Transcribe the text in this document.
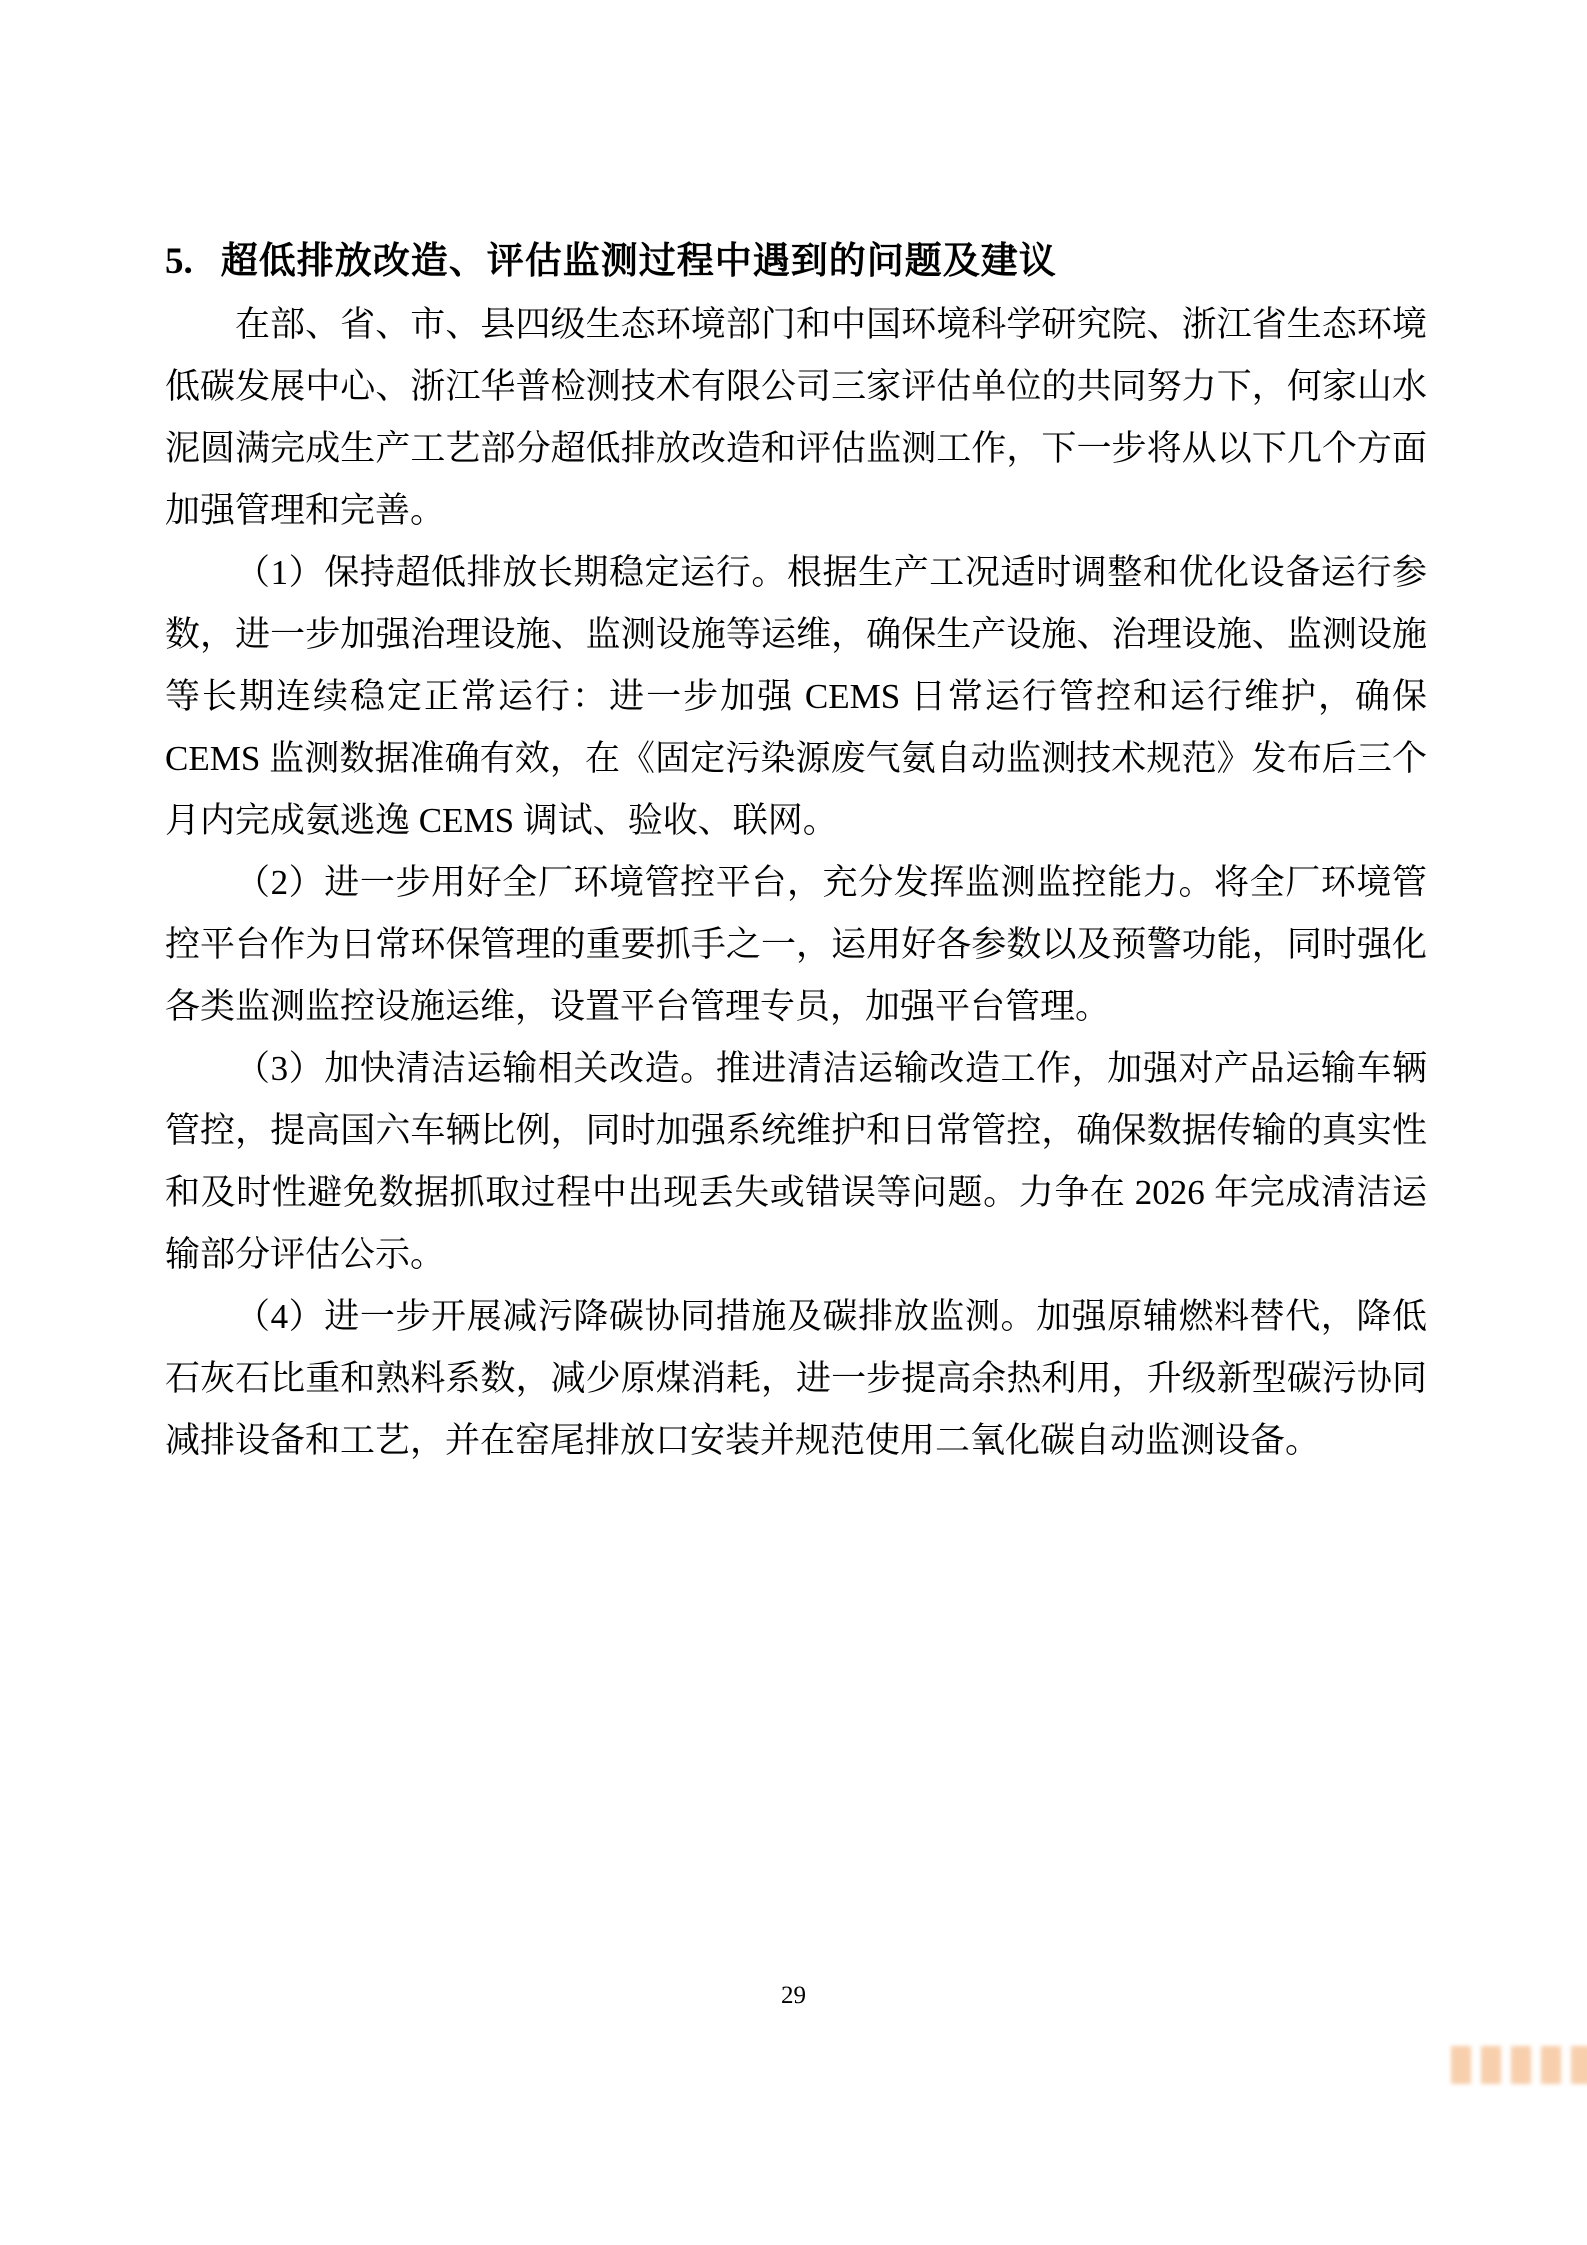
5. 超低排放改造、评估监测过程中遇到的问题及建议

在部、省、市、县四级生态环境部门和中国环境科学研究院、浙江省生态环境低碳发展中心、浙江华普检测技术有限公司三家评估单位的共同努力下，何家山水泥圆满完成生产工艺部分超低排放改造和评估监测工作，下一步将从以下几个方面加强管理和完善。

（1）保持超低排放长期稳定运行。根据生产工况适时调整和优化设备运行参数，进一步加强治理设施、监测设施等运维，确保生产设施、治理设施、监测设施等长期连续稳定正常运行：进一步加强 CEMS 日常运行管控和运行维护，确保 CEMS 监测数据准确有效，在《固定污染源废气氨自动监测技术规范》发布后三个月内完成氨逃逸 CEMS 调试、验收、联网。

（2）进一步用好全厂环境管控平台，充分发挥监测监控能力。将全厂环境管控平台作为日常环保管理的重要抓手之一，运用好各参数以及预警功能，同时强化各类监测监控设施运维，设置平台管理专员，加强平台管理。

（3）加快清洁运输相关改造。推进清洁运输改造工作，加强对产品运输车辆管控，提高国六车辆比例，同时加强系统维护和日常管控，确保数据传输的真实性和及时性避免数据抓取过程中出现丢失或错误等问题。力争在 2026 年完成清洁运输部分评估公示。

（4）进一步开展减污降碳协同措施及碳排放监测。加强原辅燃料替代，降低石灰石比重和熟料系数，减少原煤消耗，进一步提高余热利用，升级新型碳污协同减排设备和工艺，并在窑尾排放口安装并规范使用二氧化碳自动监测设备。

29
